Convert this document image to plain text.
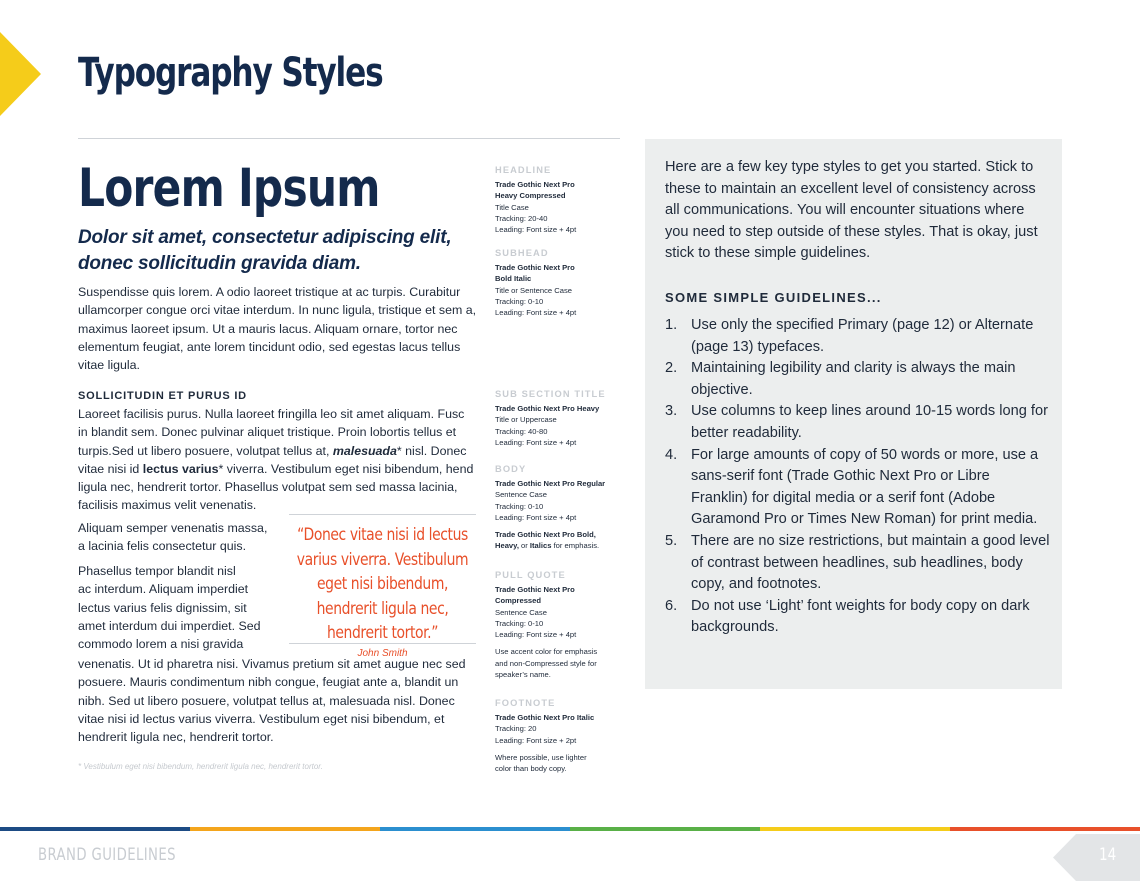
Typography Styles
Lorem Ipsum
Dolor sit amet, consectetur adipiscing elit, donec sollicitudin gravida diam.
Suspendisse quis lorem. A odio laoreet tristique at ac turpis. Curabitur ullamcorper congue orci vitae interdum. In nunc ligula, tristique et sem a, maximus laoreet ipsum. Ut a mauris lacus. Aliquam ornare, tortor nec elementum feugiat, ante lorem tincidunt odio, sed egestas lacus tellus vitae ligula.
SOLLICITUDIN ET PURUS ID
Laoreet facilisis purus. Nulla laoreet fringilla leo sit amet aliquam. Fusc
in blandit sem. Donec pulvinar aliquet tristique. Proin lobortis tellus et
turpis.Sed ut libero posuere, volutpat tellus at, malesuada* nisl. Donec
vitae nisi id lectus varius* viverra. Vestibulum eget nisi bibendum, hend
ligula nec, hendrerit tortor. Phasellus volutpat sem sed massa lacinia,
facilisis maximus velit venenatis.
Aliquam semper venenatis massa,
a lacinia felis consectetur quis.
Phasellus tempor blandit nisl
ac interdum. Aliquam imperdiet
lectus varius felis dignissim, sit
amet interdum dui imperdiet. Sed
commodo lorem a nisi gravida
venenatis. Ut id pharetra nisi. Vivamus pretium sit amet augue nec sed
posuere. Mauris condimentum nibh congue, feugiat ante a, blandit un
nibh. Sed ut libero posuere, volutpat tellus at, malesuada nisl. Donec
vitae nisi id lectus varius viverra. Vestibulum eget nisi bibendum, et
hendrerit ligula nec, hendrerit tortor.
“Donec vitae nisi id lectus varius viverra. Vestibulum eget nisi bibendum, hendrerit ligula nec, hendrerit tortor.”
John Smith
* Vestibulum eget nisi bibendum, hendrerit ligula nec, hendrerit tortor.
HEADLINE
Trade Gothic Next Pro
Heavy Compressed
Title Case
Tracking: 20-40
Leading: Font size + 4pt
SUBHEAD
Trade Gothic Next Pro
Bold Italic
Title or Sentence Case
Tracking: 0-10
Leading: Font size + 4pt
SUB SECTION TITLE
Trade Gothic Next Pro Heavy
Title or Uppercase
Tracking: 40-80
Leading: Font size + 4pt
BODY
Trade Gothic Next Pro Regular
Sentence Case
Tracking: 0-10
Leading: Font size + 4pt
Trade Gothic Next Pro Bold,
Heavy, or Italics for emphasis.
PULL QUOTE
Trade Gothic Next Pro
Compressed
Sentence Case
Tracking: 0-10
Leading: Font size + 4pt
Use accent color for emphasis
and non-Compressed style for
speaker’s name.
FOOTNOTE
Trade Gothic Next Pro Italic
Tracking: 20
Leading: Font size + 2pt
Where possible, use lighter
color than body copy.
Here are a few key type styles to get you started. Stick to these to maintain an excellent level of consistency across all communications. You will encounter situations where you need to step outside of these styles. That is okay, just stick to these simple guidelines.
SOME SIMPLE GUIDELINES...
1. Use only the specified Primary (page 12) or Alternate (page 13) typefaces.
2. Maintaining legibility and clarity is always the main objective.
3. Use columns to keep lines around 10-15 words long for better readability.
4. For large amounts of copy of 50 words or more, use a sans-serif font (Trade Gothic Next Pro or Libre Franklin) for digital media or a serif font (Adobe Garamond Pro or Times New Roman) for print media.
5. There are no size restrictions, but maintain a good level of contrast between headlines, sub headlines, body copy, and footnotes.
6. Do not use ‘Light’ font weights for body copy on dark backgrounds.
BRAND GUIDELINES	14
